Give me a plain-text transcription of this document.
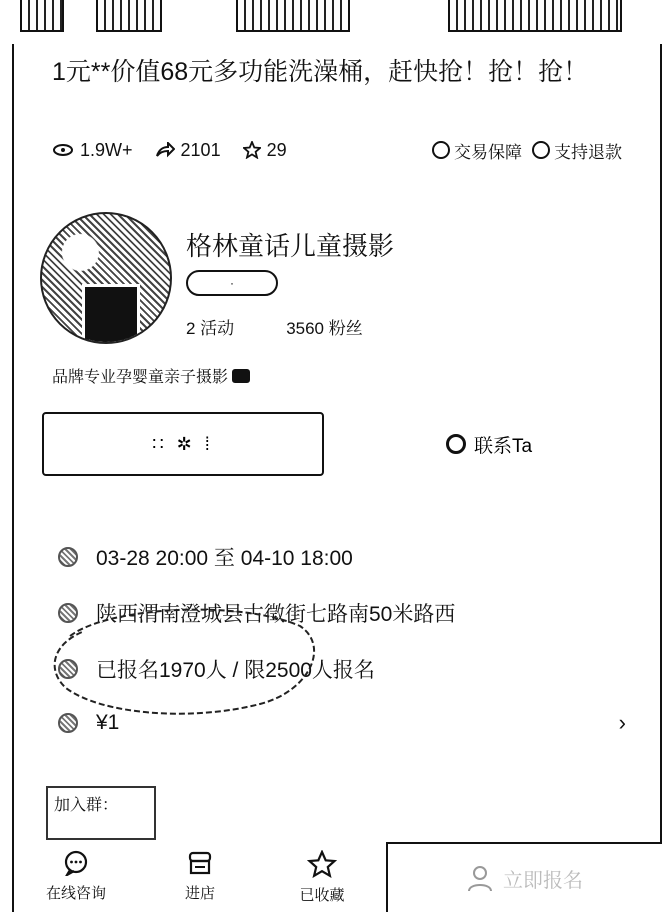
1元**价值68元多功能洗澡桶，赶快抢！抢！抢！
1.9W+	2101	29	交易保障 支持退款
格林童话儿童摄影
·
2 活动	3560 粉丝
品牌专业孕婴童亲子摄影
∷ ✲ ⁞	联系Ta
03-28 20:00 至 04-10 18:00
陕西渭南澄城县古徵街七路南50米路西
已报名1970人 / 限2500人报名
¥1	›
加入群：
在线咨询	进店	已收藏
立即报名
